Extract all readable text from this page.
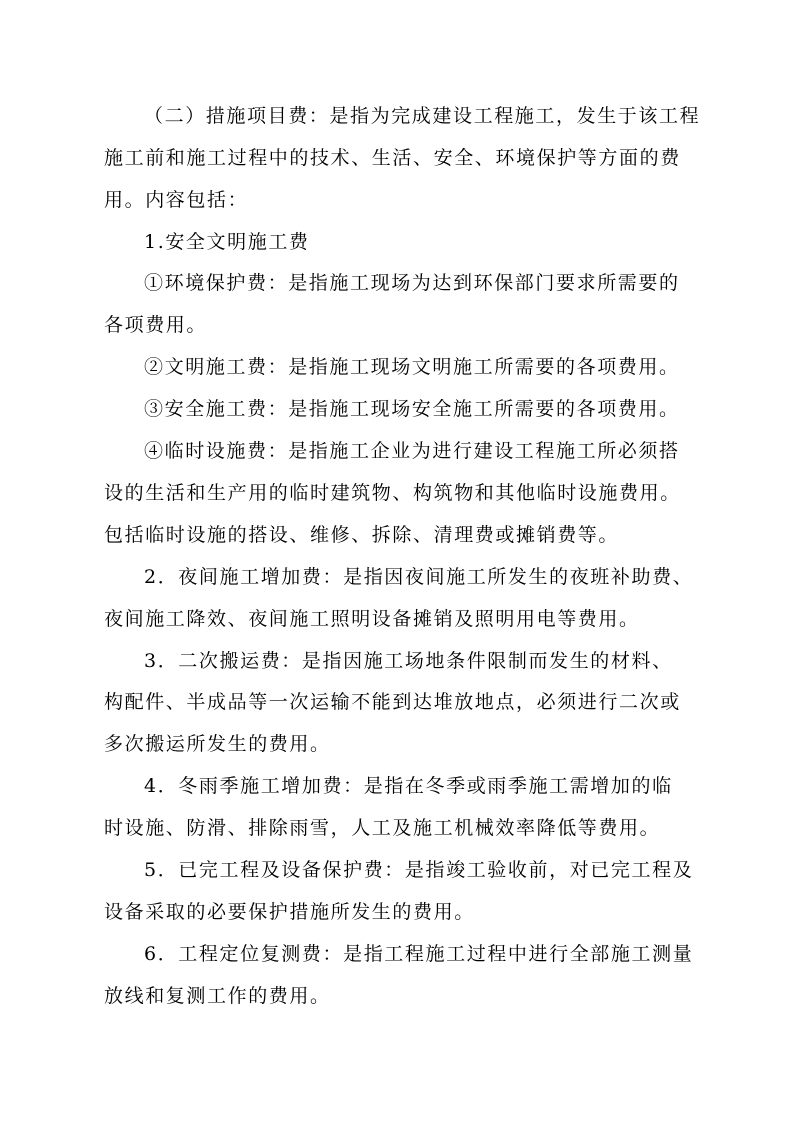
（二）措施项目费：是指为完成建设工程施工，发生于该工程
施工前和施工过程中的技术、生活、安全、环境保护等方面的费
用。内容包括：
1.安全文明施工费
①环境保护费：是指施工现场为达到环保部门要求所需要的
各项费用。
②文明施工费：是指施工现场文明施工所需要的各项费用。
③安全施工费：是指施工现场安全施工所需要的各项费用。
④临时设施费：是指施工企业为进行建设工程施工所必须搭
设的生活和生产用的临时建筑物、构筑物和其他临时设施费用。
包括临时设施的搭设、维修、拆除、清理费或摊销费等。
2．夜间施工增加费：是指因夜间施工所发生的夜班补助费、
夜间施工降效、夜间施工照明设备摊销及照明用电等费用。
3．二次搬运费：是指因施工场地条件限制而发生的材料、
构配件、半成品等一次运输不能到达堆放地点，必须进行二次或
多次搬运所发生的费用。
4．冬雨季施工增加费：是指在冬季或雨季施工需增加的临
时设施、防滑、排除雨雪，人工及施工机械效率降低等费用。
5．已完工程及设备保护费：是指竣工验收前，对已完工程及
设备采取的必要保护措施所发生的费用。
6．工程定位复测费：是指工程施工过程中进行全部施工测量
放线和复测工作的费用。
